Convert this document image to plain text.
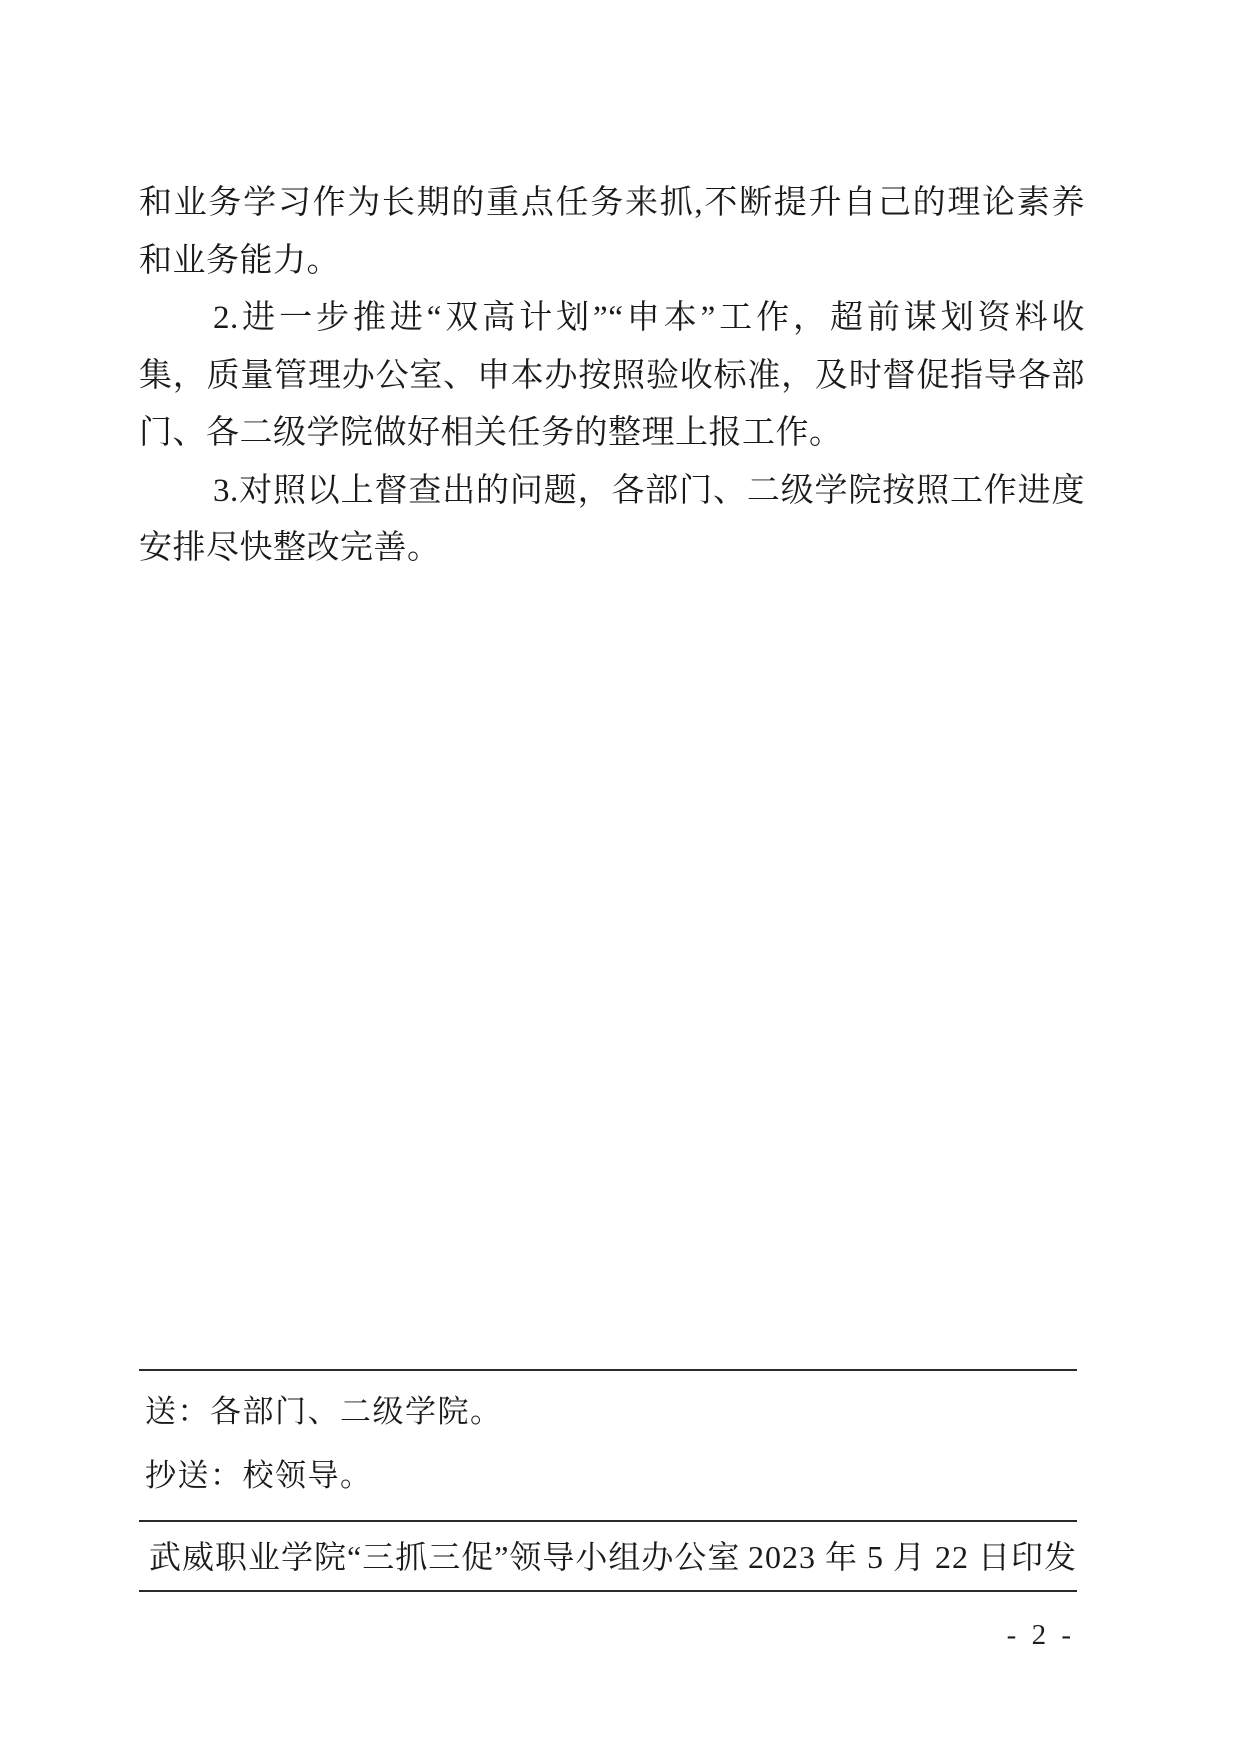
和业务学习作为长期的重点任务来抓,不断提升自己的理论素养

和业务能力。

2.进一步推进“双高计划”“申本”工作，超前谋划资料收

集，质量管理办公室、申本办按照验收标准，及时督促指导各部

门、各二级学院做好相关任务的整理上报工作。

3.对照以上督查出的问题，各部门、二级学院按照工作进度

安排尽快整改完善。

送：各部门、二级学院。
抄送：校领导。
武威职业学院“三抓三促”领导小组办公室 2023 年 5 月 22 日印发
- 2 -
